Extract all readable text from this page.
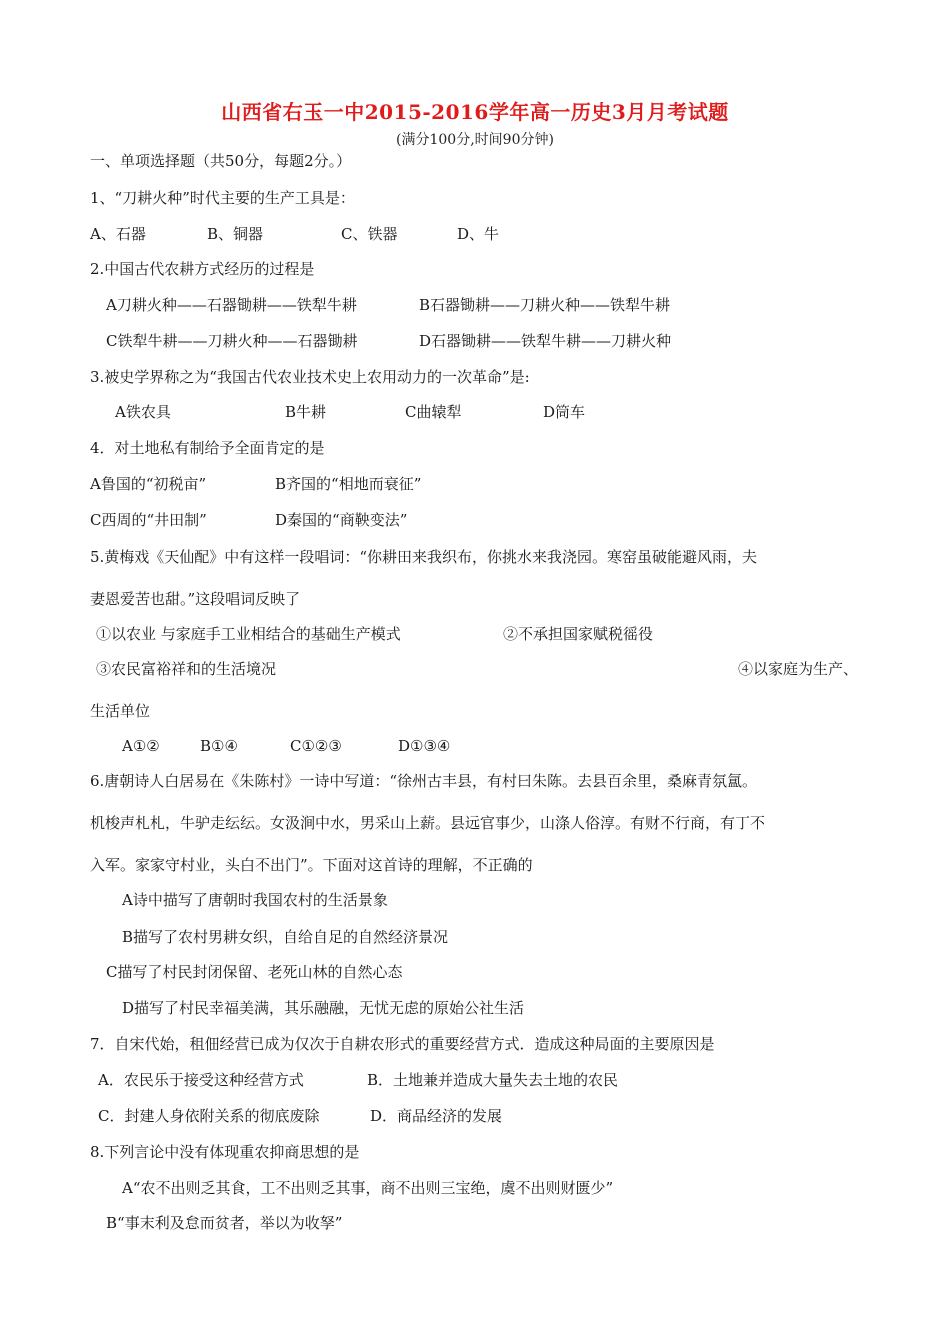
山西省右玉一中2015-2016学年高一历史3月月考试题
(满分100分,时间90分钟)
一、单项选择题（共50分，每题2分。）
1、“刀耕火种”时代主要的生产工具是：
A、石器	B、铜器	C、铁器	D、牛
2.中国古代农耕方式经历的过程是
A刀耕火种——石器锄耕——铁犁牛耕	B石器锄耕——刀耕火种——铁犁牛耕
C铁犁牛耕——刀耕火种——石器锄耕	D石器锄耕——铁犁牛耕——刀耕火种
3.被史学界称之为“我国古代农业技术史上农用动力的一次革命”是:
A铁农具	B牛耕	C曲辕犁	D筒车
4．对土地私有制给予全面肯定的是
A鲁国的“初税亩”	B齐国的“相地而衰征”
C西周的“井田制”	D秦国的“商鞅变法”
5.黄梅戏《天仙配》中有这样一段唱词：“你耕田来我织布，你挑水来我浇园。寒窑虽破能避风雨，夫
妻恩爱苦也甜。”这段唱词反映了
①以农业 与家庭手工业相结合的基础生产模式	②不承担国家赋税徭役
③农民富裕祥和的生活境况	④以家庭为生产、
生活单位
A①②	B①④	C①②③	D①③④
6.唐朝诗人白居易在《朱陈村》一诗中写道：“徐州古丰县，有村曰朱陈。去县百余里，桑麻青氛氲。
机梭声札札，牛驴走纭纭。女汲涧中水，男采山上薪。县远官事少，山涤人俗淳。有财不行商，有丁不
入军。家家守村业，头白不出门”。下面对这首诗的理解，不正确的
A诗中描写了唐朝时我国农村的生活景象
B描写了农村男耕女织，自给自足的自然经济景况
C描写了村民封闭保留、老死山林的自然心态
D描写了村民幸福美满，其乐融融，无忧无虑的原始公社生活
7．自宋代始，租佃经营已成为仅次于自耕农形式的重要经营方式．造成这种局面的主要原因是
A．农民乐于接受这种经营方式	B．土地兼并造成大量失去土地的农民
C．封建人身依附关系的彻底废除	D．商品经济的发展
8.下列言论中没有体现重农抑商思想的是
A“农不出则乏其食，工不出则乏其事，商不出则三宝绝，虞不出则财匮少”
B“事末利及怠而贫者，举以为收孥”
